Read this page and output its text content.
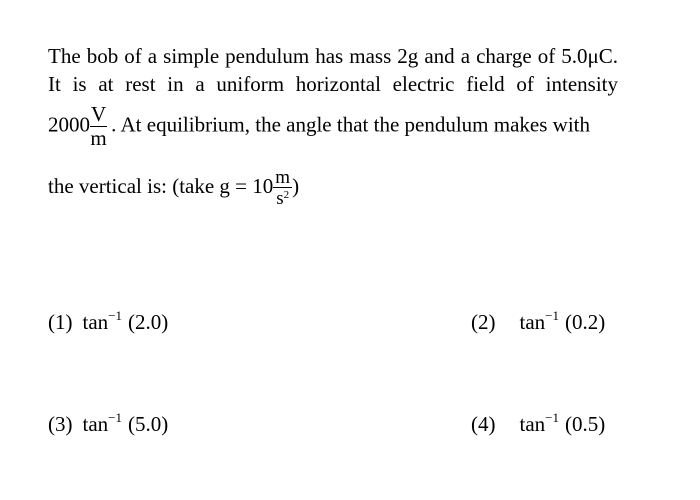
The bob of a simple pendulum has mass 2g and a charge of 5.0μC.
It is at rest in a uniform horizontal electric field of intensity
$2000 \frac{V}{m}$ . At equilibrium, the angle that the pendulum makes with
the vertical is: (take $g = 10 \frac{m}{s^2}$ )
(1) $\tan^{-1} (2.0)$	(2) $\tan^{-1} (0.2)$
(3) $\tan^{-1} (5.0)$	(4) $\tan^{-1} (0.5)$
